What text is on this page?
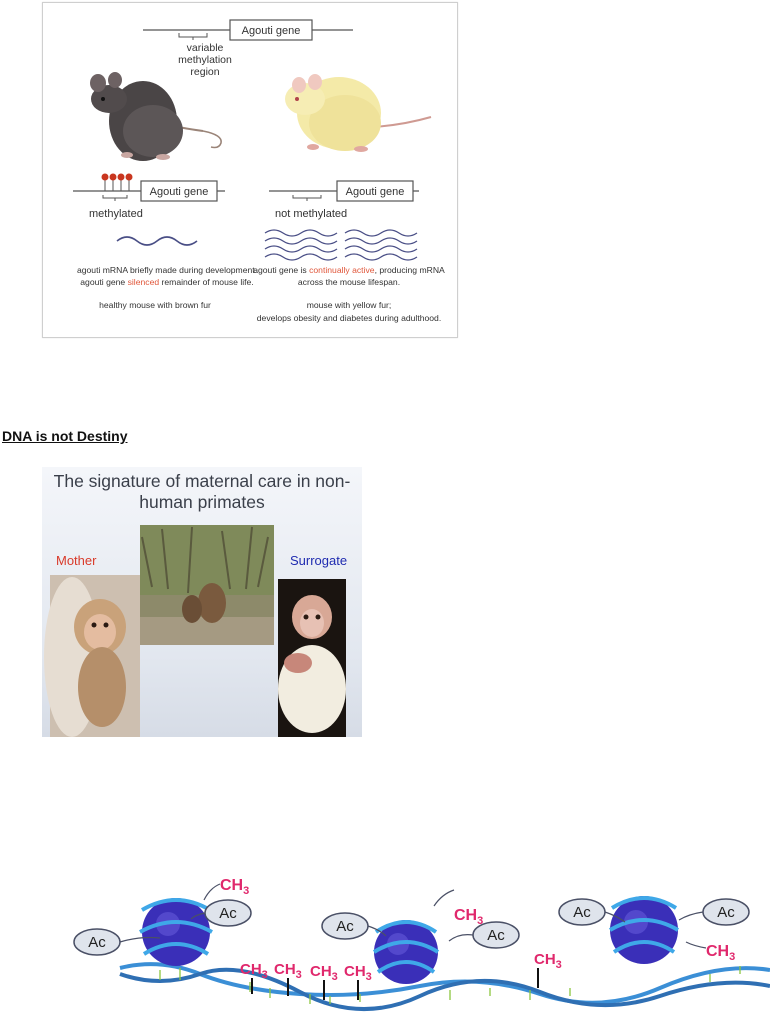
Agouti gene
variable
methylation
region
Agouti gene
methylated
Agouti gene
not methylated
agouti mRNA briefly made during development.
agouti gene silenced remainder of mouse life.
healthy mouse with brown fur
agouti gene is continually active, producing mRNA
across the mouse lifespan.
mouse with yellow fur;
develops obesity and diabetes during adulthood.
DNA is not Destiny
The signature of maternal care in non-
human primates
Mother	Surrogate
Ac
Ac
Ac
Ac
Ac	Ac
$CH_3$
$CH_3$
$CH_3$
$CH_3$ $CH_3$ $CH_3$ $CH_3$
$CH_3$
